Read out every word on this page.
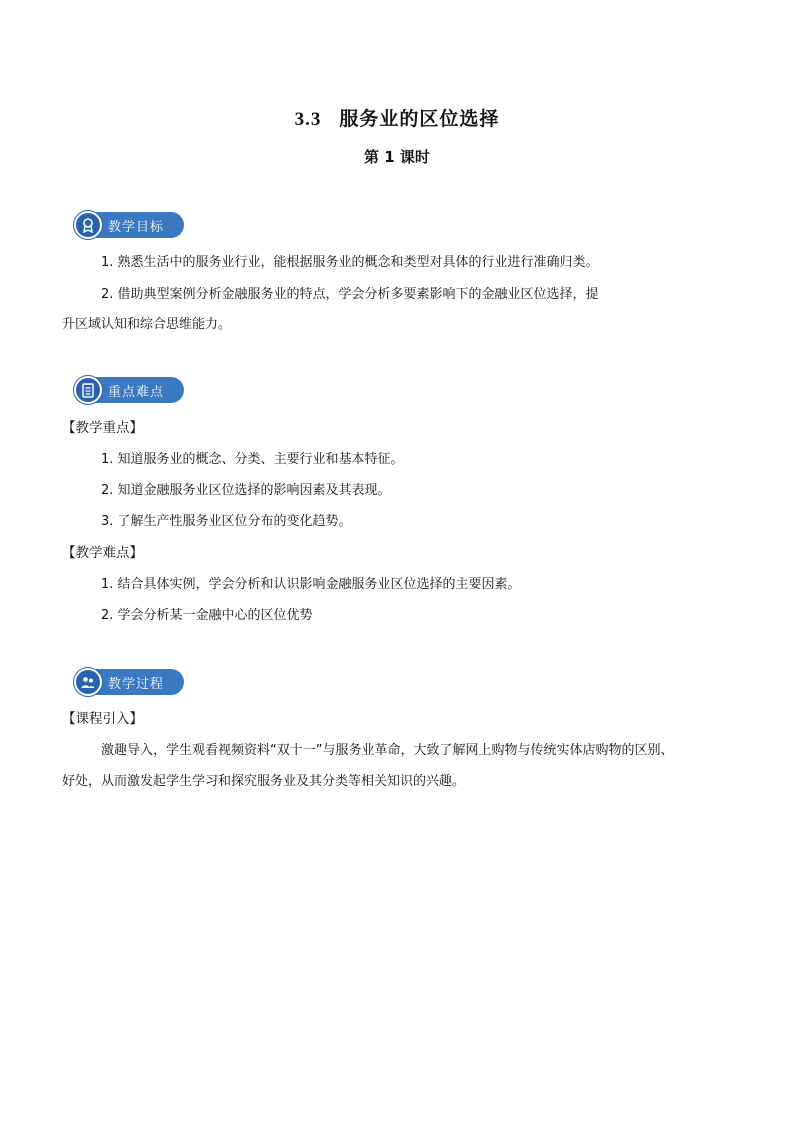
3.3 服务业的区位选择
第 1 课时
教学目标
1. 熟悉生活中的服务业行业，能根据服务业的概念和类型对具体的行业进行准确归类。
2. 借助典型案例分析金融服务业的特点，学会分析多要素影响下的金融业区位选择，提
升区域认知和综合思维能力。
重点难点
【教学重点】
1. 知道服务业的概念、分类、主要行业和基本特征。
2. 知道金融服务业区位选择的影响因素及其表现。
3. 了解生产性服务业区位分布的变化趋势。
【教学难点】
1. 结合具体实例，学会分析和认识影响金融服务业区位选择的主要因素。
2. 学会分析某一金融中心的区位优势
教学过程
【课程引入】
激趣导入，学生观看视频资料“双十一”与服务业革命，大致了解网上购物与传统实体店购物的区别、
好处，从而激发起学生学习和探究服务业及其分类等相关知识的兴趣。
